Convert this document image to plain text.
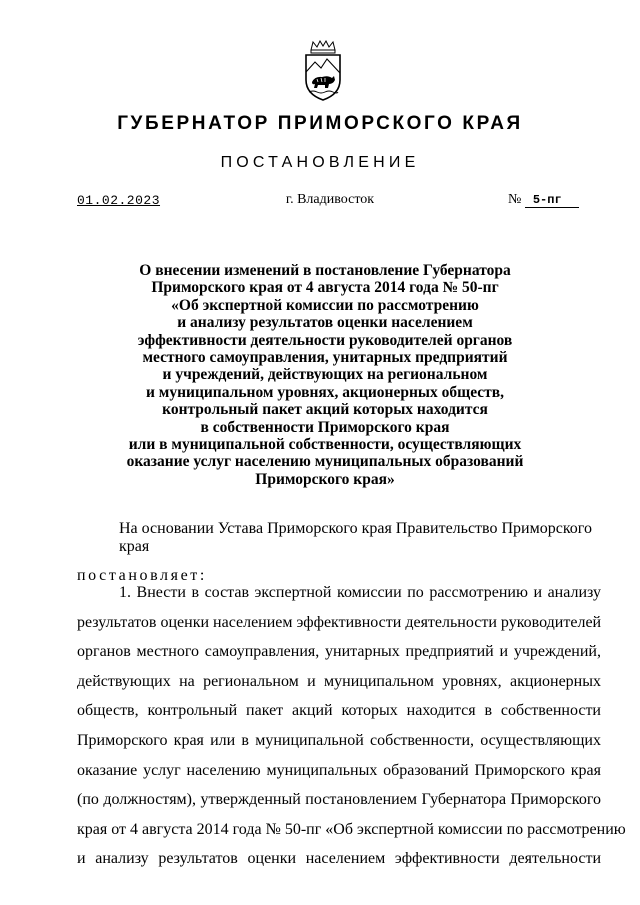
ГУБЕРНАТОР ПРИМОРСКОГО КРАЯ
ПОСТАНОВЛЕНИЕ
01.02.2023	г. Владивосток	№ 5-пг
О внесении изменений в постановление Губернатора
Приморского края от 4 августа 2014 года № 50-пг
«Об экспертной комиссии по рассмотрению
и анализу результатов оценки населением
эффективности деятельности руководителей органов
местного самоуправления, унитарных предприятий
и учреждений, действующих на региональном
и муниципальном уровнях, акционерных обществ,
контрольный пакет акций которых находится
в собственности Приморского края
или в муниципальной собственности, осуществляющих
оказание услуг населению муниципальных образований
Приморского края»
На основании Устава Приморского края Правительство Приморского края
постановляет:
1. Внести в состав экспертной комиссии по рассмотрению и анализу
результатов оценки населением эффективности деятельности руководителей
органов местного самоуправления, унитарных предприятий и учреждений,
действующих на региональном и муниципальном уровнях, акционерных
обществ, контрольный пакет акций которых находится в собственности
Приморского края или в муниципальной собственности, осуществляющих
оказание услуг населению муниципальных образований Приморского края
(по должностям), утвержденный постановлением Губернатора Приморского
края от 4 августа 2014 года № 50-пг «Об экспертной комиссии по рассмотрению
и анализу результатов оценки населением эффективности деятельности
